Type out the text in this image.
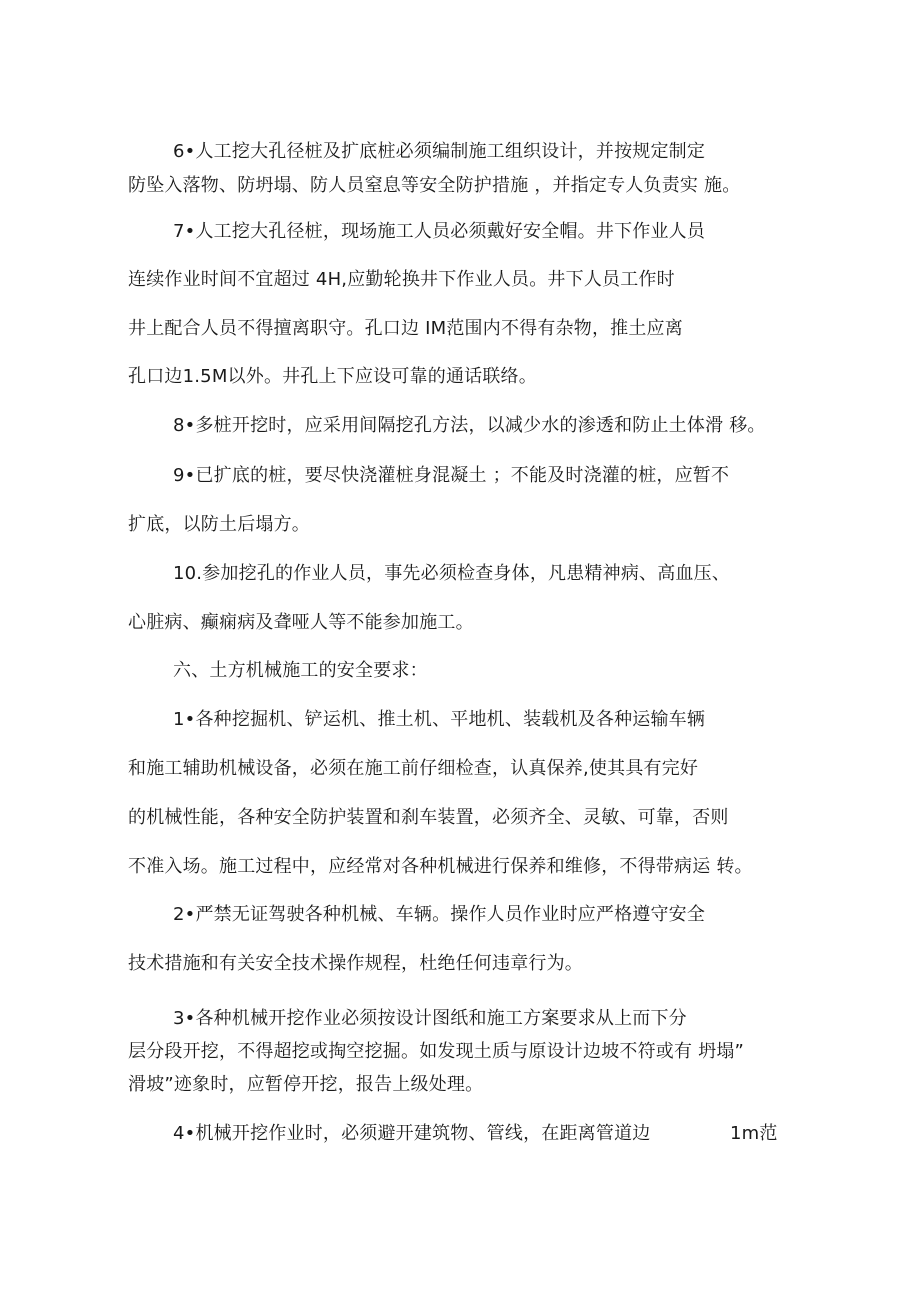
6•人工挖大孔径桩及扩底桩必须编制施工组织设计，并按规定制定
防坠入落物、防坍塌、防人员窒息等安全防护措施 ，并指定专人负责实 施。
7•人工挖大孔径桩，现场施工人员必须戴好安全帽。井下作业人员
连续作业时间不宜超过 4H,应勤轮换井下作业人员。井下人员工作时
井上配合人员不得擅离职守。孔口边 IM范围内不得有杂物，推土应离
孔口边1.5M以外。井孔上下应设可靠的通话联络。
8•多桩开挖时，应采用间隔挖孔方法，以减少水的渗透和防止土体滑 移。
9•已扩底的桩，要尽快浇灌桩身混凝土 ；不能及时浇灌的桩，应暂不
扩底，以防土后塌方。
10.参加挖孔的作业人员，事先必须检查身体，凡患精神病、高血压、
心脏病、癫痫病及聋哑人等不能参加施工。
六、土方机械施工的安全要求：
1•各种挖掘机、铲运机、推土机、平地机、装载机及各种运输车辆
和施工辅助机械设备，必须在施工前仔细检查，认真保养,使其具有完好
的机械性能，各种安全防护装置和刹车装置，必须齐全、灵敏、可靠，否则
不准入场。施工过程中，应经常对各种机械进行保养和维修，不得带病运 转。
2•严禁无证驾驶各种机械、车辆。操作人员作业时应严格遵守安全
技术措施和有关安全技术操作规程，杜绝任何违章行为。
3•各种机械开挖作业必须按设计图纸和施工方案要求从上而下分
层分段开挖，不得超挖或掏空挖掘。如发现土质与原设计边坡不符或有 坍塌”
滑坡”迹象时，应暂停开挖，报告上级处理。
4•机械开挖作业时，必须避开建筑物、管线，在距离管道边	1m范
